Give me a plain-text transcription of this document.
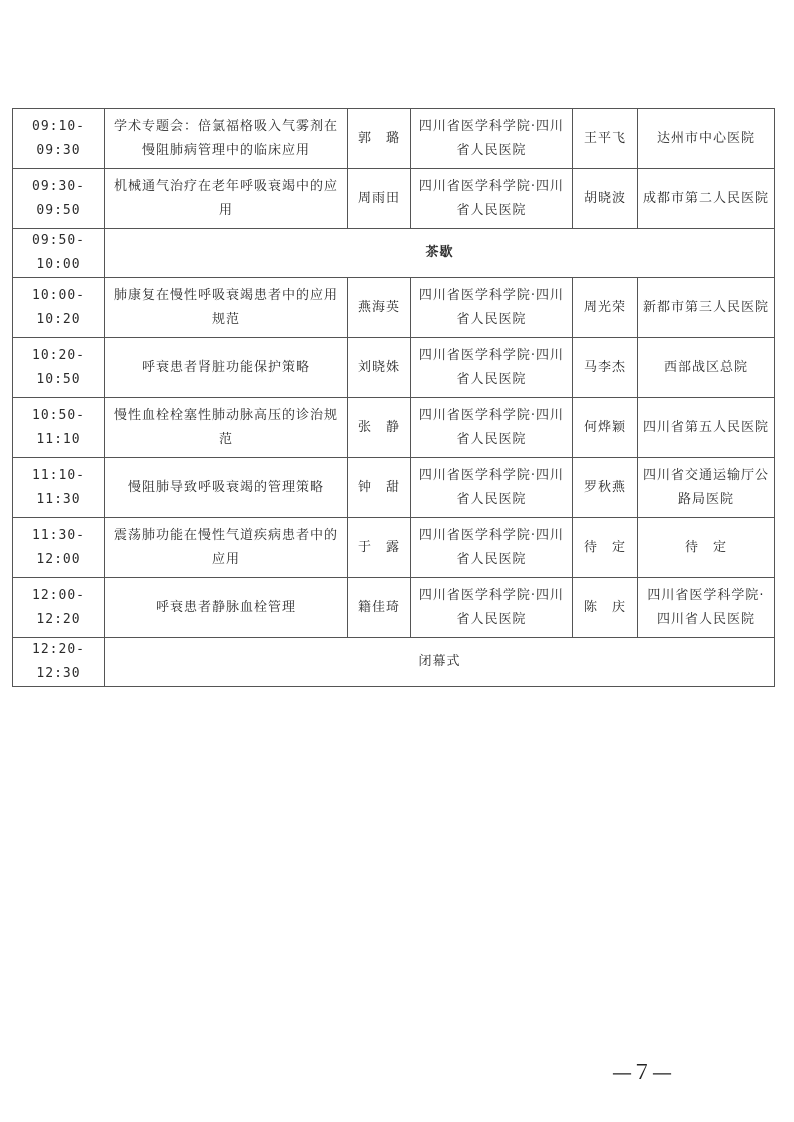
09:10-09:30	学术专题会：倍氯福格吸入气雾剂在慢阻肺病管理中的临床应用	郭　璐	四川省医学科学院·四川省人民医院	王平飞	达州市中心医院
09:30-09:50	机械通气治疗在老年呼吸衰竭中的应用	周雨田	四川省医学科学院·四川省人民医院	胡晓波	成都市第二人民医院
09:50-10:00	茶歇				
10:00-10:20	肺康复在慢性呼吸衰竭患者中的应用规范	燕海英	四川省医学科学院·四川省人民医院	周光荣	新都市第三人民医院
10:20-10:50	呼衰患者肾脏功能保护策略	刘晓姝	四川省医学科学院·四川省人民医院	马李杰	西部战区总院
10:50-11:10	慢性血栓栓塞性肺动脉高压的诊治规范	张　静	四川省医学科学院·四川省人民医院	何烨颖	四川省第五人民医院
11:10-11:30	慢阻肺导致呼吸衰竭的管理策略	钟　甜	四川省医学科学院·四川省人民医院	罗秋燕	四川省交通运输厅公路局医院
11:30-12:00	震荡肺功能在慢性气道疾病患者中的应用	于　露	四川省医学科学院·四川省人民医院	待　定	待　定
12:00-12:20	呼衰患者静脉血栓管理	籍佳琦	四川省医学科学院·四川省人民医院	陈　庆	四川省医学科学院·四川省人民医院
12:20-12:30	闭幕式				
—７—
